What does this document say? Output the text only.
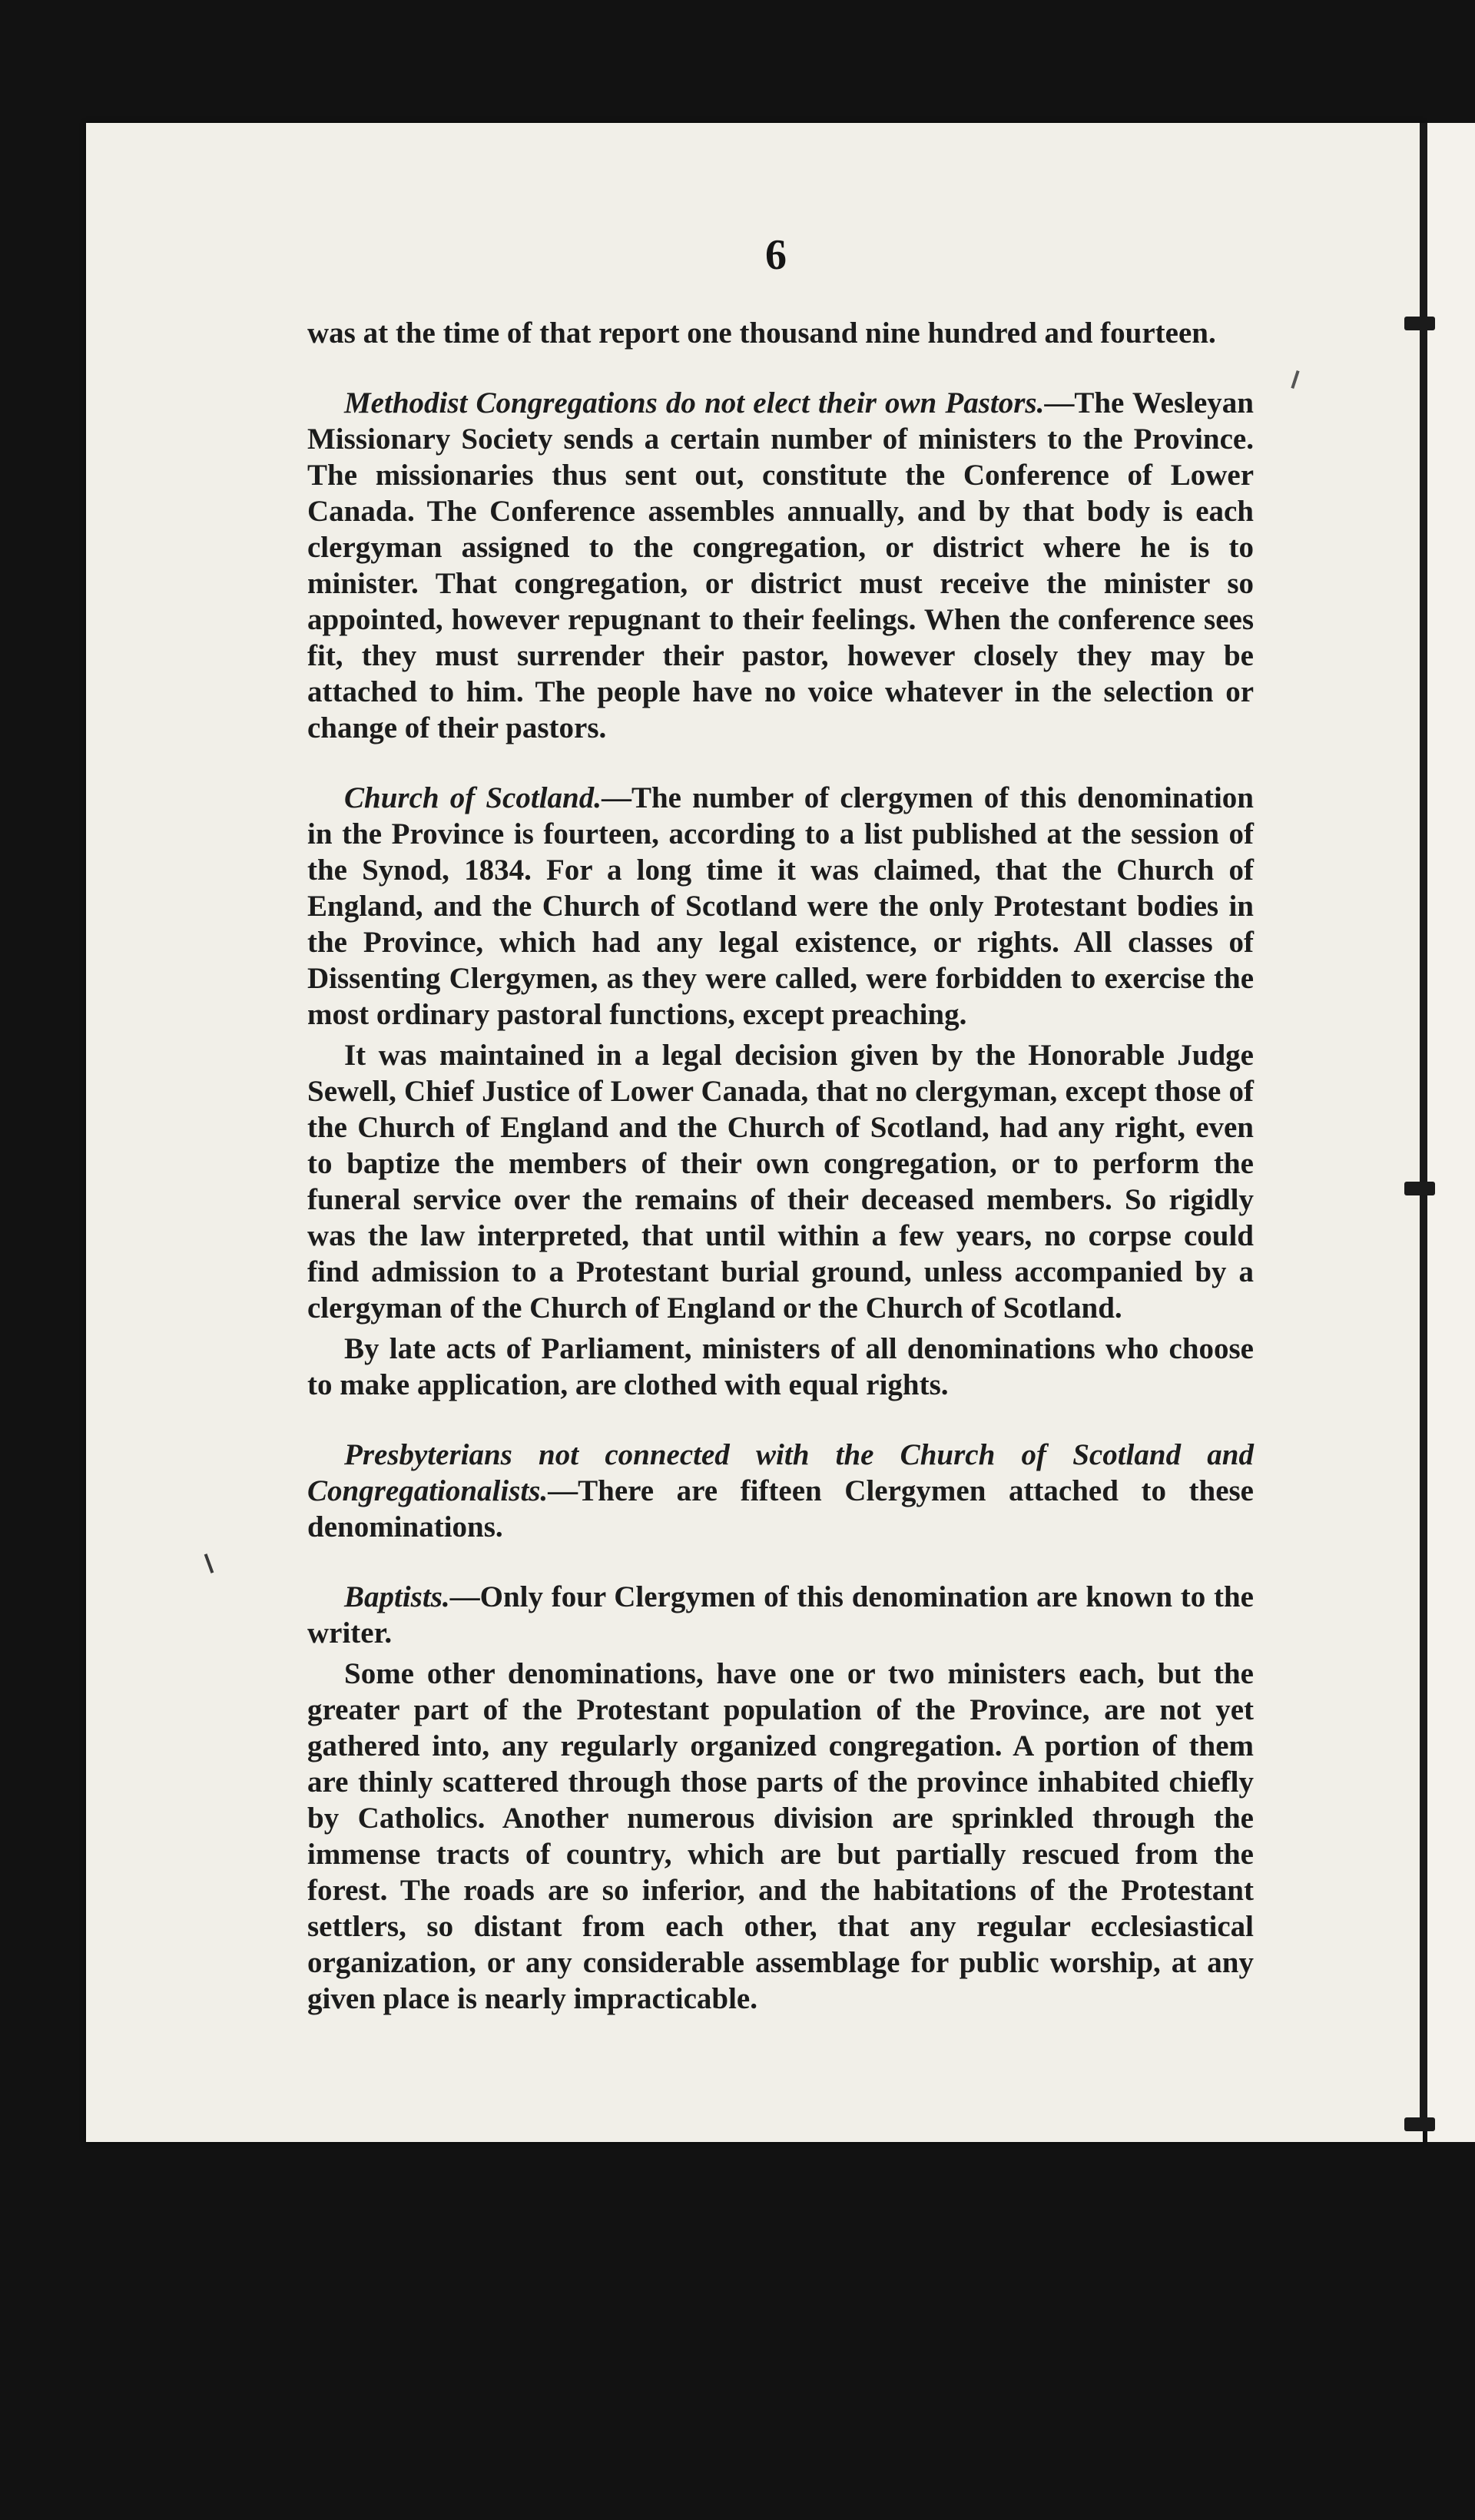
6

was at the time of that report one thousand nine hundred and fourteen.

Methodist Congregations do not elect their own Pastors.—The Wesleyan Missionary Society sends a certain number of ministers to the Province. The missionaries thus sent out, constitute the Conference of Lower Canada. The Conference assembles annually, and by that body is each clergyman assigned to the congregation, or district where he is to minister. That congregation, or district must receive the minister so appointed, however repugnant to their feelings. When the conference sees fit, they must surrender their pastor, however closely they may be attached to him. The people have no voice whatever in the selection or change of their pastors.

Church of Scotland.—The number of clergymen of this denomination in the Province is fourteen, according to a list published at the session of the Synod, 1834. For a long time it was claimed, that the Church of England, and the Church of Scotland were the only Protestant bodies in the Province, which had any legal existence, or rights. All classes of Dissenting Clergymen, as they were called, were forbidden to exercise the most ordinary pastoral functions, except preaching.

It was maintained in a legal decision given by the Honorable Judge Sewell, Chief Justice of Lower Canada, that no clergyman, except those of the Church of England and the Church of Scotland, had any right, even to baptize the members of their own congregation, or to perform the funeral service over the remains of their deceased members. So rigidly was the law interpreted, that until within a few years, no corpse could find admission to a Protestant burial ground, unless accompanied by a clergyman of the Church of England or the Church of Scotland.

By late acts of Parliament, ministers of all denominations who choose to make application, are clothed with equal rights.

Presbyterians not connected with the Church of Scotland and Congregationalists.—There are fifteen Clergymen attached to these denominations.

Baptists.—Only four Clergymen of this denomination are known to the writer.

Some other denominations, have one or two ministers each, but the greater part of the Protestant population of the Province, are not yet gathered into, any regularly organized congregation. A portion of them are thinly scattered through those parts of the province inhabited chiefly by Catholics. Another numerous division are sprinkled through the immense tracts of country, which are but partially rescued from the forest. The roads are so inferior, and the habitations of the Protestant settlers, so distant from each other, that any regular ecclesiastical organization, or any considerable assemblage for public worship, at any given place is nearly impracticable.
